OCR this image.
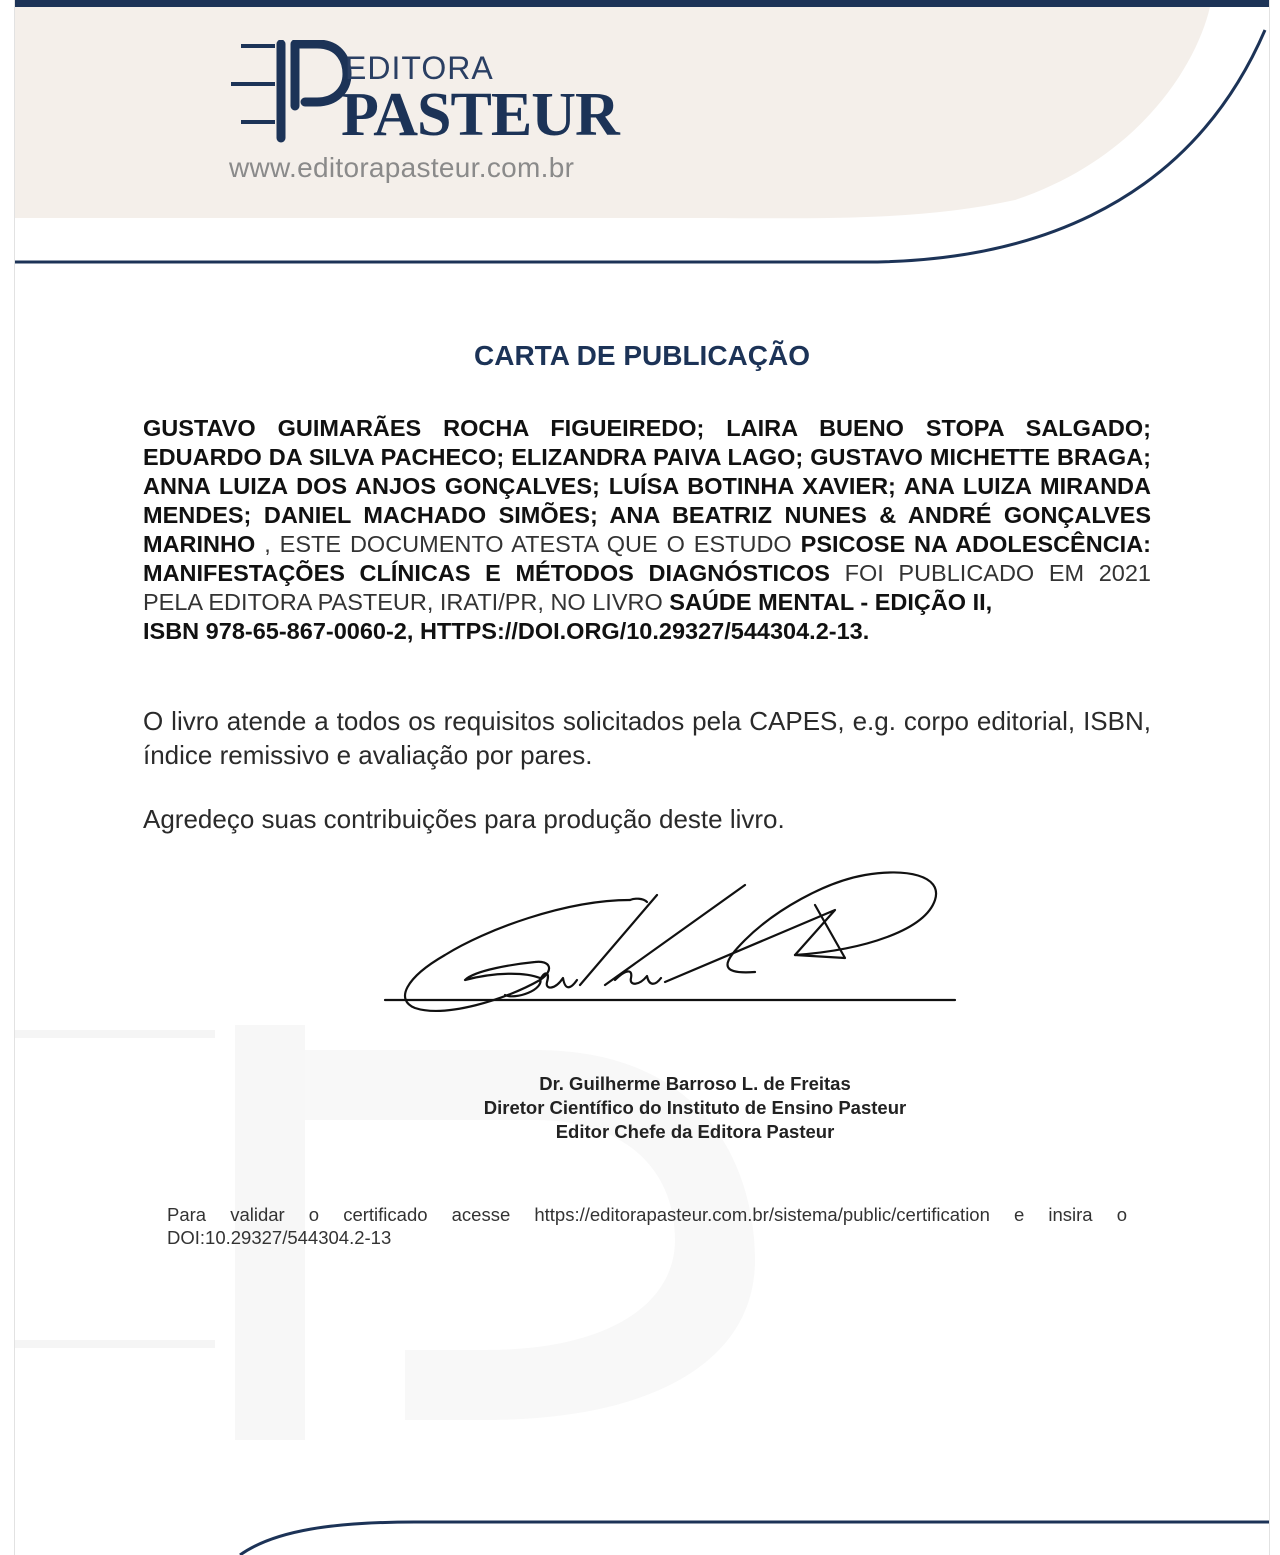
EDITORA
PASTEUR
www.editorapasteur.com.br
CARTA DE PUBLICAÇÃO
GUSTAVO GUIMARÃES ROCHA FIGUEIREDO; LAIRA BUENO STOPA SALGADO; EDUARDO DA SILVA PACHECO; ELIZANDRA PAIVA LAGO; GUSTAVO MICHETTE BRAGA; ANNA LUIZA DOS ANJOS GONÇALVES; LUÍSA BOTINHA XAVIER; ANA LUIZA MIRANDA MENDES; DANIEL MACHADO SIMÕES; ANA BEATRIZ NUNES & ANDRÉ GONÇALVES MARINHO , ESTE DOCUMENTO ATESTA QUE O ESTUDO PSICOSE NA ADOLESCÊNCIA: MANIFESTAÇÕES CLÍNICAS E MÉTODOS DIAGNÓSTICOS FOI PUBLICADO EM 2021 PELA EDITORA PASTEUR, IRATI/PR, NO LIVRO SAÚDE MENTAL - EDIÇÃO II,
ISBN 978-65-867-0060-2, HTTPS://DOI.ORG/10.29327/544304.2-13.
O livro atende a todos os requisitos solicitados pela CAPES, e.g. corpo editorial, ISBN, índice remissivo e avaliação por pares.
Agredeço suas contribuições para produção deste livro.
Dr. Guilherme Barroso L. de Freitas
Diretor Científico do Instituto de Ensino Pasteur
Editor Chefe da Editora Pasteur
Para validar o certificado acesse https://editorapasteur.com.br/sistema/public/certification e insira o DOI:10.29327/544304.2-13
